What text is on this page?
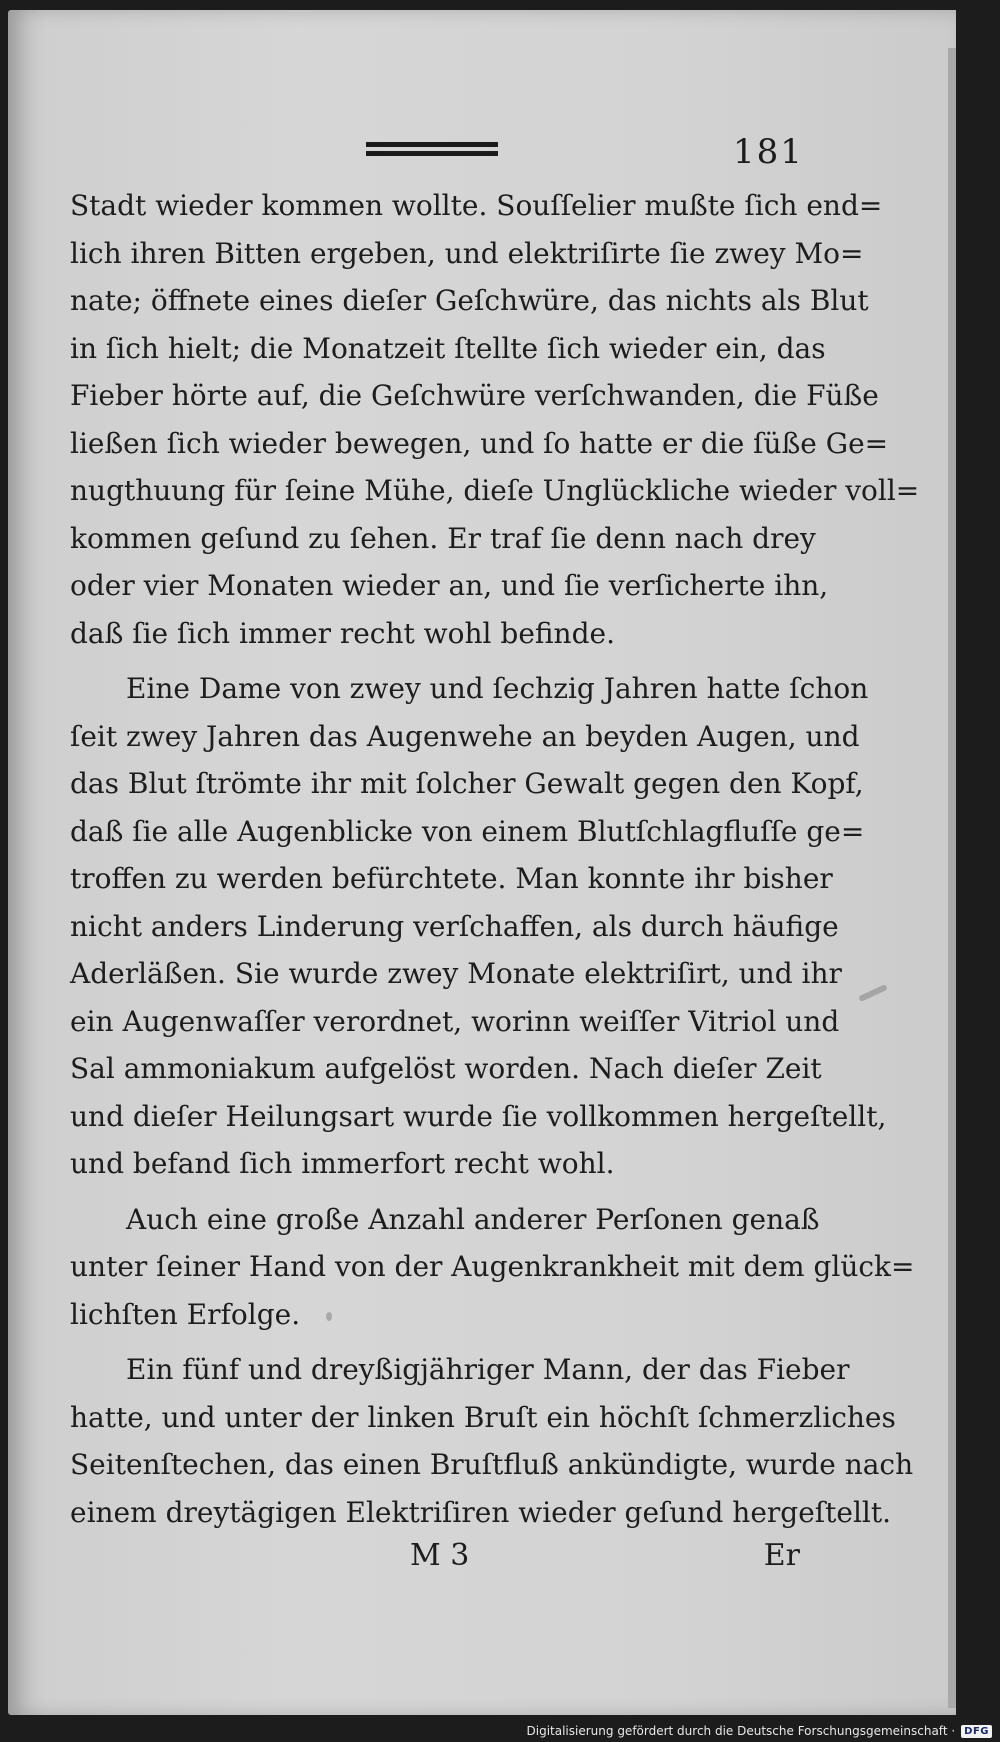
181
Stadt wieder kommen wollte. Souſſelier mußte ſich end=
lich ihren Bitten ergeben, und elektriſirte ſie zwey Mo=
nate; öffnete eines dieſer Geſchwüre, das nichts als Blut
in ſich hielt; die Monatzeit ſtellte ſich wieder ein, das
Fieber hörte auf, die Geſchwüre verſchwanden, die Füße
ließen ſich wieder bewegen, und ſo hatte er die ſüße Ge=
nugthuung für ſeine Mühe, dieſe Unglückliche wieder voll=
kommen geſund zu ſehen. Er traf ſie denn nach drey
oder vier Monaten wieder an, und ſie verſicherte ihn,
daß ſie ſich immer recht wohl befinde.
Eine Dame von zwey und ſechzig Jahren hatte ſchon
ſeit zwey Jahren das Augenwehe an beyden Augen, und
das Blut ſtrömte ihr mit ſolcher Gewalt gegen den Kopf,
daß ſie alle Augenblicke von einem Blutſchlagfluſſe ge=
troffen zu werden befürchtete. Man konnte ihr bisher
nicht anders Linderung verſchaffen, als durch häufige
Aderläßen. Sie wurde zwey Monate elektriſirt, und ihr
ein Augenwaſſer verordnet, worinn weiſſer Vitriol und
Sal ammoniakum aufgelöst worden. Nach dieſer Zeit
und dieſer Heilungsart wurde ſie vollkommen hergeſtellt,
und befand ſich immerfort recht wohl.
Auch eine große Anzahl anderer Perſonen genaß
unter ſeiner Hand von der Augenkrankheit mit dem glück=
lichſten Erfolge.
Ein fünf und dreyßigjähriger Mann, der das Fieber
hatte, und unter der linken Bruſt ein höchſt ſchmerzliches
Seitenſtechen, das einen Bruſtfluß ankündigte, wurde nach
einem dreytägigen Elektriſiren wieder geſund hergeſtellt.
M 3	Er
Digitalisierung gefördert durch die Deutsche Forschungsgemeinschaft · DFG
